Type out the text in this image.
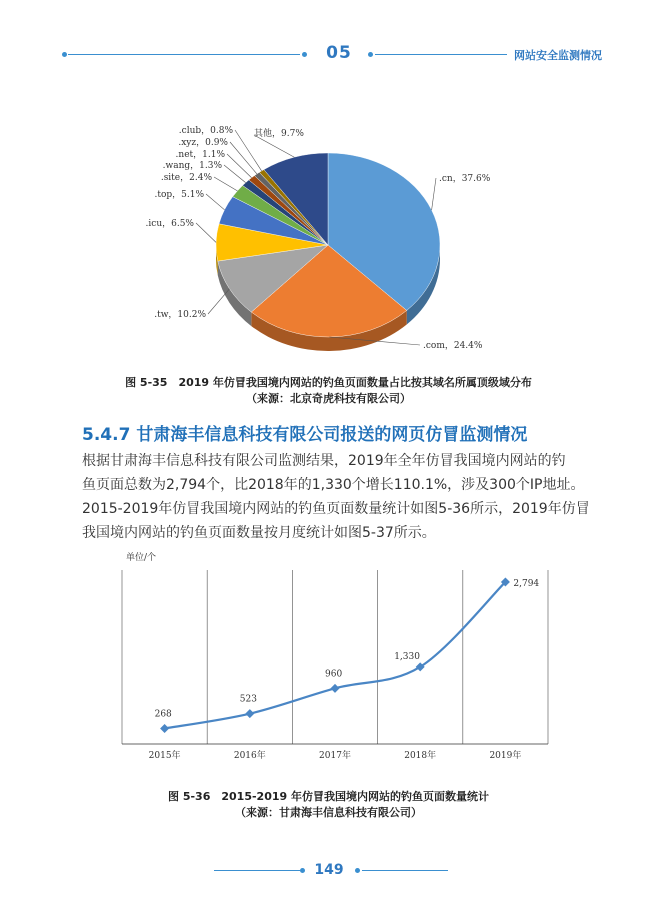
05	网站安全监测情况
.cn，37.6%
.com，24.4%
.tw，10.2%
.icu，6.5%
.top，5.1%
.site，2.4%
.wang，1.3%
.net，1.1%
.xyz，0.9%
.club，0.8% 其他，9.7%
图 5-35　2019 年仿冒我国境内网站的钓鱼页面数量占比按其域名所属顶级域分布
（来源：北京奇虎科技有限公司）
5.4.7 甘肃海丰信息科技有限公司报送的网页仿冒监测情况
根据甘肃海丰信息科技有限公司监测结果，2019年全年仿冒我国境内网站的钓
鱼页面总数为2,794个，比2018年的1,330个增长110.1%，涉及300个IP地址。
2015-2019年仿冒我国境内网站的钓鱼页面数量统计如图5-36所示，2019年仿冒
我国境内网站的钓鱼页面数量按月度统计如图5-37所示。
单位/个
268
523
960
1,330
2,794
2015年	2016年	2017年	2018年	2019年
图 5-36　2015-2019 年仿冒我国境内网站的钓鱼页面数量统计
（来源：甘肃海丰信息科技有限公司）
149
